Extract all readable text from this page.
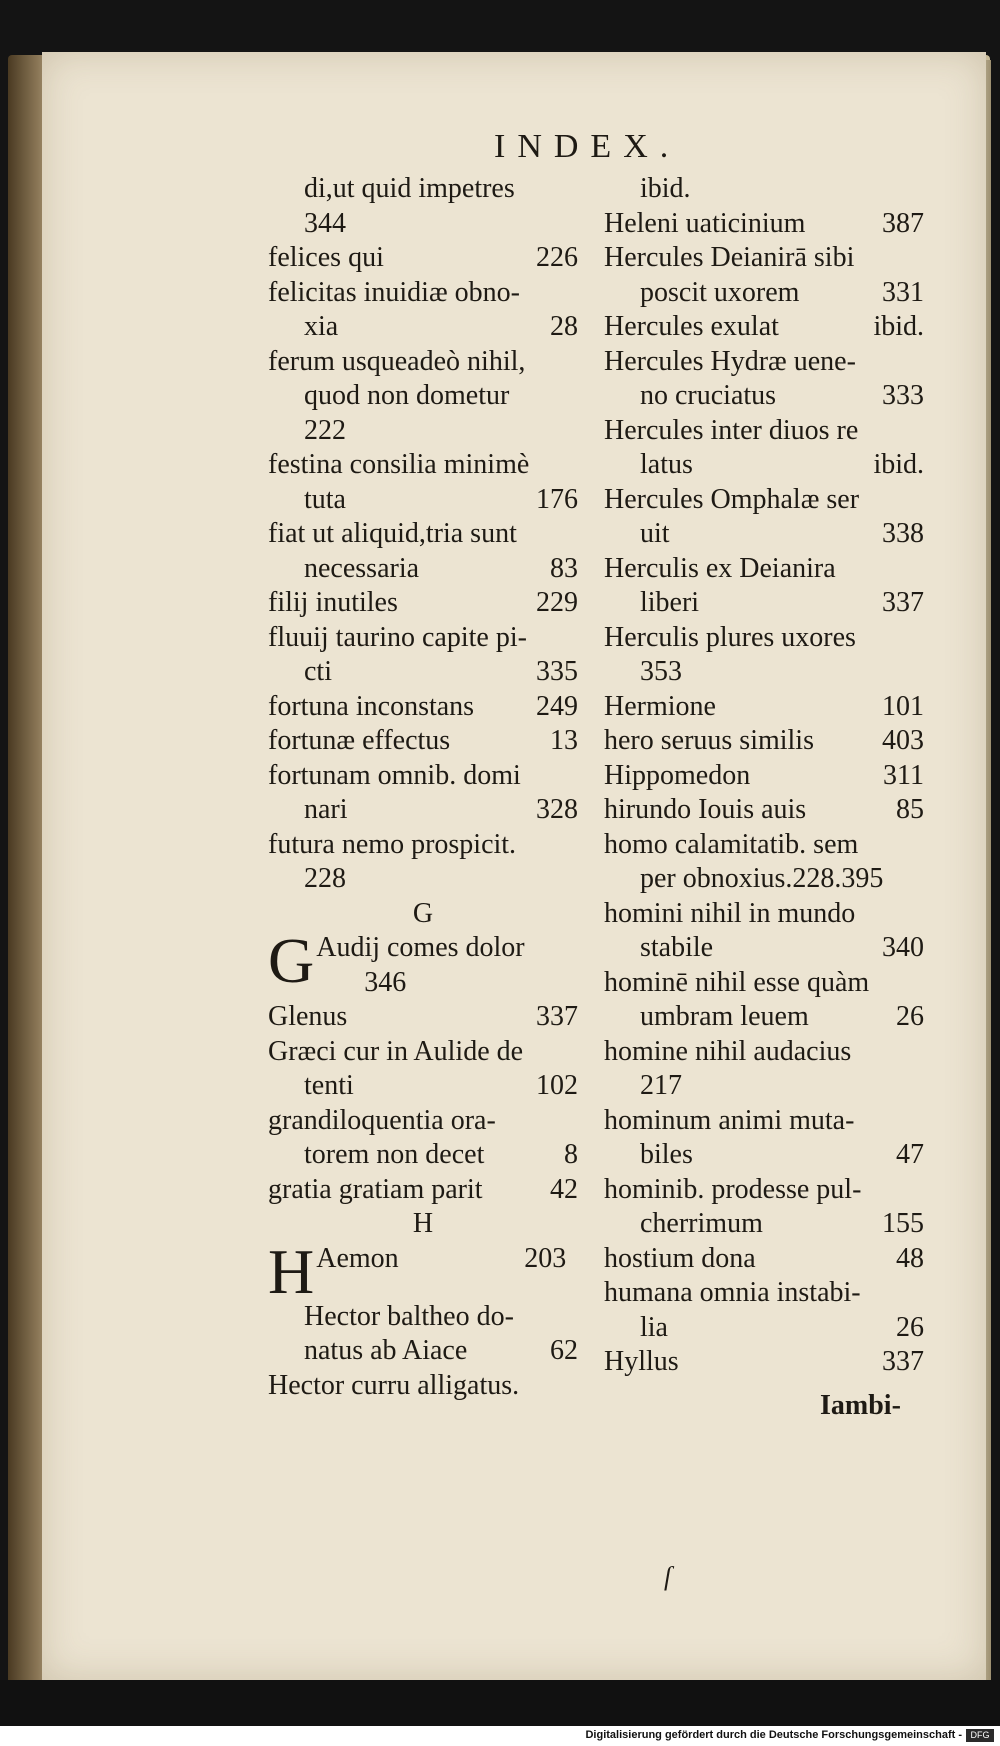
INDEX.
di,ut quid impetres
344
felices qui	226
felicitas inuidiæ obno-
xia	28
ferum usqueadeò nihil,
quod non dometur
222
festina consilia minimè
tuta	176
fiat ut aliquid,tria sunt
necessaria	83
filij inutiles	229
fluuij taurino capite pi-
cti	335
fortuna inconstans 249
fortunæ effectus	13
fortunam omnib. domi
nari	328
futura nemo prospicit.
228
G
GAudij comes dolor
346
Glenus	337
Græci cur in Aulide de
tenti	102
grandiloquentia ora-
torem non decet	8
gratia gratiam parit 42
H
HAemon	203
Hector baltheo do-
natus ab Aiace	62
Hector curru alligatus.
ibid.
Heleni uaticinium	387
Hercules Deianirā sibi
poscit uxorem	331
Hercules exulat	ibid.
Hercules Hydræ uene-
no cruciatus	333
Hercules inter diuos re
latus	ibid.
Hercules Omphalæ ser
uit	338
Herculis ex Deianira
liberi	337
Herculis plures uxores
353
Hermione	101
hero seruus similis 403
Hippomedon	311
hirundo Iouis auis	85
homo calamitatib. sem
per obnoxius.228.395
homini nihil in mundo
stabile	340
hominē nihil esse quàm
umbram leuem	26
homine nihil audacius
217
hominum animi muta-
biles	47
hominib. prodesse pul-
cherrimum	155
hostium dona	48
humana omnia instabi-
lia	26
Hyllus	337
Iambi-
ſ
Digitalisierung gefördert durch die Deutsche Forschungsgemeinschaft - DFG
